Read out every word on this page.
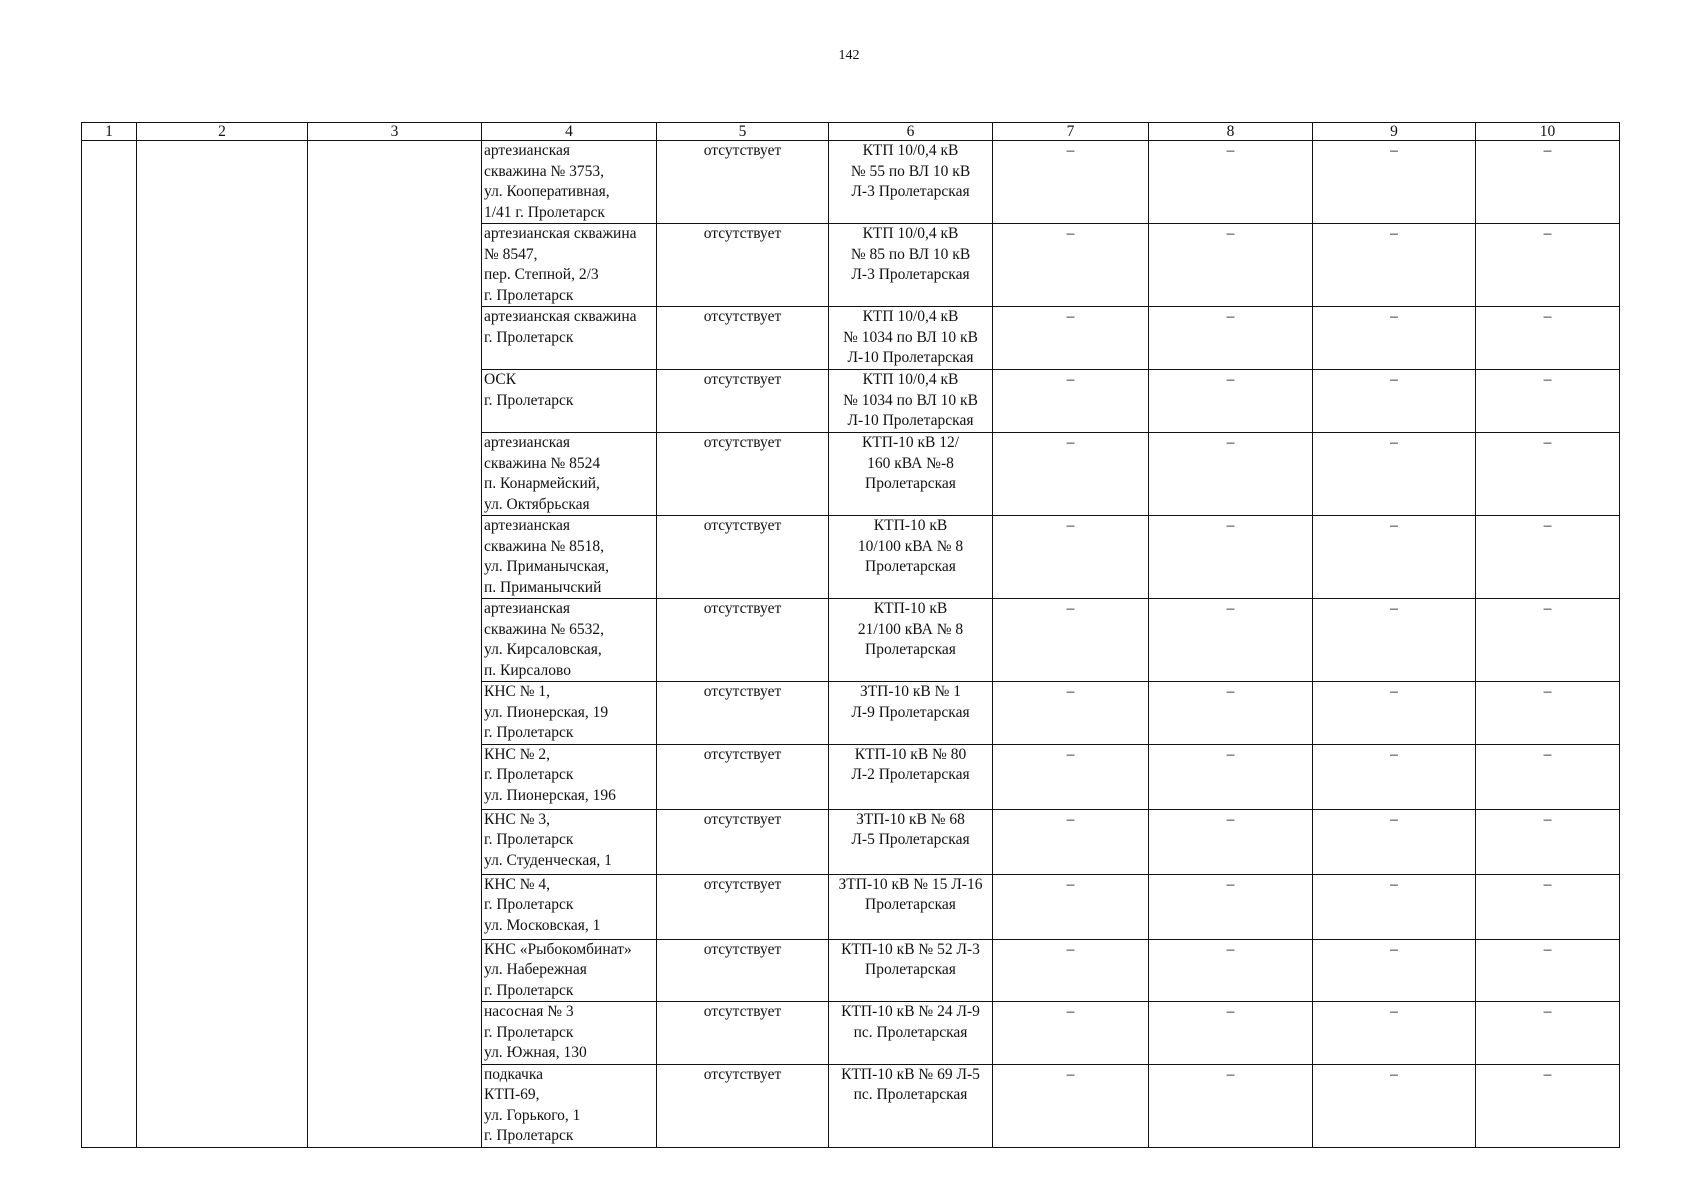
142
1	2	3	4	5	6	7	8	9	10

			артезианская
скважина № 3753,
ул. Кооперативная,
1/41 г. Пролетарск	отсутствует	КТП 10/0,4 кВ
№ 55 по ВЛ 10 кВ
Л-3 Пролетарская	–	–	–	–

			артезианская скважина
№ 8547,
пер. Степной, 2/3
г. Пролетарск	отсутствует	КТП 10/0,4 кВ
№ 85 по ВЛ 10 кВ
Л-3 Пролетарская	–	–	–	–

			артезианская скважина
г. Пролетарск	отсутствует	КТП 10/0,4 кВ
№ 1034 по ВЛ 10 кВ
Л-10 Пролетарская	–	–	–	–

			ОСК
г. Пролетарск	отсутствует	КТП 10/0,4 кВ
№ 1034 по ВЛ 10 кВ
Л-10 Пролетарская	–	–	–	–

			артезианская
скважина № 8524
п. Конармейский,
ул. Октябрьская	отсутствует	КТП-10 кВ 12/
160 кВА №-8
Пролетарская	–	–	–	–

			артезианская
скважина № 8518,
ул. Приманычская,
п. Приманычский	отсутствует	КТП-10 кВ
10/100 кВА № 8
Пролетарская	–	–	–	–

			артезианская
скважина № 6532,
ул. Кирсаловская,
п. Кирсалово	отсутствует	КТП-10 кВ
21/100 кВА № 8
Пролетарская	–	–	–	–

			КНС № 1,
ул. Пионерская, 19
г. Пролетарск	отсутствует	ЗТП-10 кВ № 1
Л-9 Пролетарская	–	–	–	–

			КНС № 2,
г. Пролетарск
ул. Пионерская, 196	отсутствует	КТП-10 кВ № 80
Л-2 Пролетарская	–	–	–	–

			КНС № 3,
г. Пролетарск
ул. Студенческая, 1	отсутствует	ЗТП-10 кВ № 68
Л-5 Пролетарская	–	–	–	–

			КНС № 4,
г. Пролетарск
ул. Московская, 1	отсутствует	ЗТП-10 кВ № 15 Л-16
Пролетарская	–	–	–	–

			КНС «Рыбокомбинат»
ул. Набережная
г. Пролетарск	отсутствует	КТП-10 кВ № 52 Л-3
Пролетарская	–	–	–	–

			насосная № 3
г. Пролетарск
ул. Южная, 130	отсутствует	КТП-10 кВ № 24 Л-9
пс. Пролетарская	–	–	–	–

			подкачка
КТП-69,
ул. Горького, 1
г. Пролетарск	отсутствует	КТП-10 кВ № 69 Л-5
пс. Пролетарская	–	–	–	–
